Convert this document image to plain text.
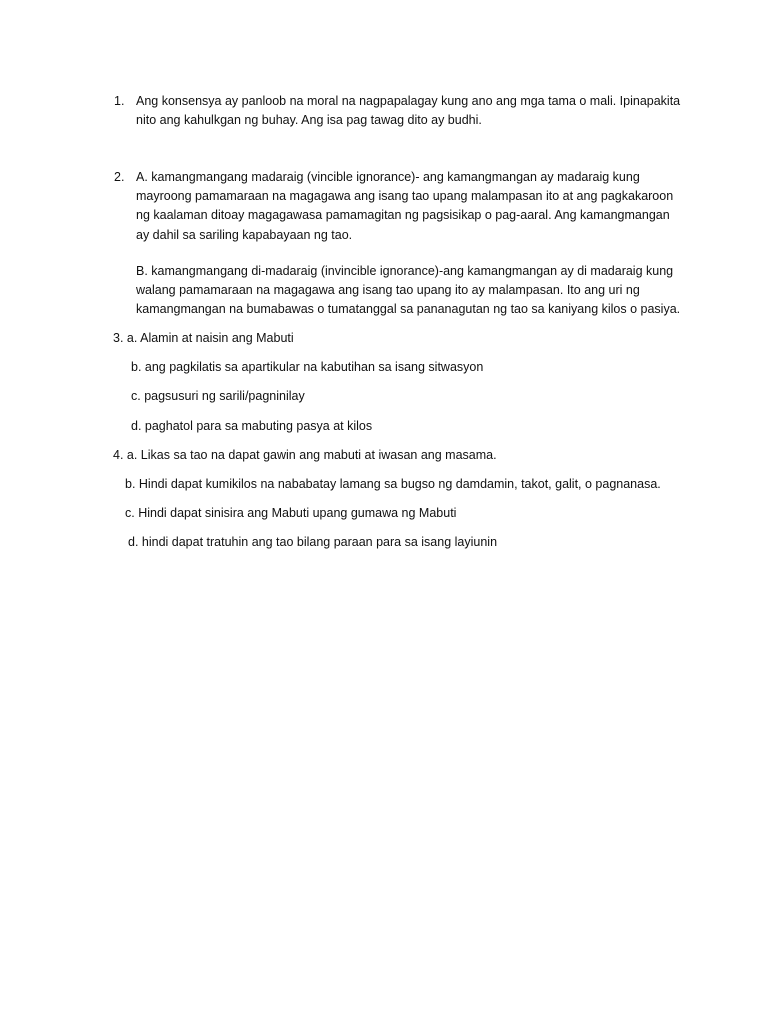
1. Ang konsensya ay panloob na moral na nagpapalagay kung ano ang mga tama o mali. Ipinapakita
nito ang kahulkgan ng buhay. Ang isa pag tawag dito ay budhi.
2. A. kamangmangang madaraig (vincible ignorance)- ang kamangmangan ay madaraig kung
mayroong pamamaraan na magagawa ang isang tao upang malampasan ito at ang pagkakaroon
ng kaalaman ditoay magagawasa pamamagitan ng pagsisikap o pag-aaral. Ang kamangmangan
ay dahil sa sariling kapabayaan ng tao.
B. kamangmangang di-madaraig (invincible ignorance)-ang kamangmangan ay di madaraig kung
walang pamamaraan na magagawa ang isang tao upang ito ay malampasan. Ito ang uri ng
kamangmangan na bumabawas o tumatanggal sa pananagutan ng tao sa kaniyang kilos o pasiya.
3. a. Alamin at naisin ang Mabuti
b. ang pagkilatis sa apartikular na kabutihan sa isang sitwasyon
c. pagsusuri ng sarili/pagninilay
d. paghatol para sa mabuting pasya at kilos
4. a. Likas sa tao na dapat gawin ang mabuti at iwasan ang masama.
b. Hindi dapat kumikilos na nababatay lamang sa bugso ng damdamin, takot, galit, o pagnanasa.
c. Hindi dapat sinisira ang Mabuti upang gumawa ng Mabuti
d. hindi dapat tratuhin ang tao bilang paraan para sa isang layiunin
